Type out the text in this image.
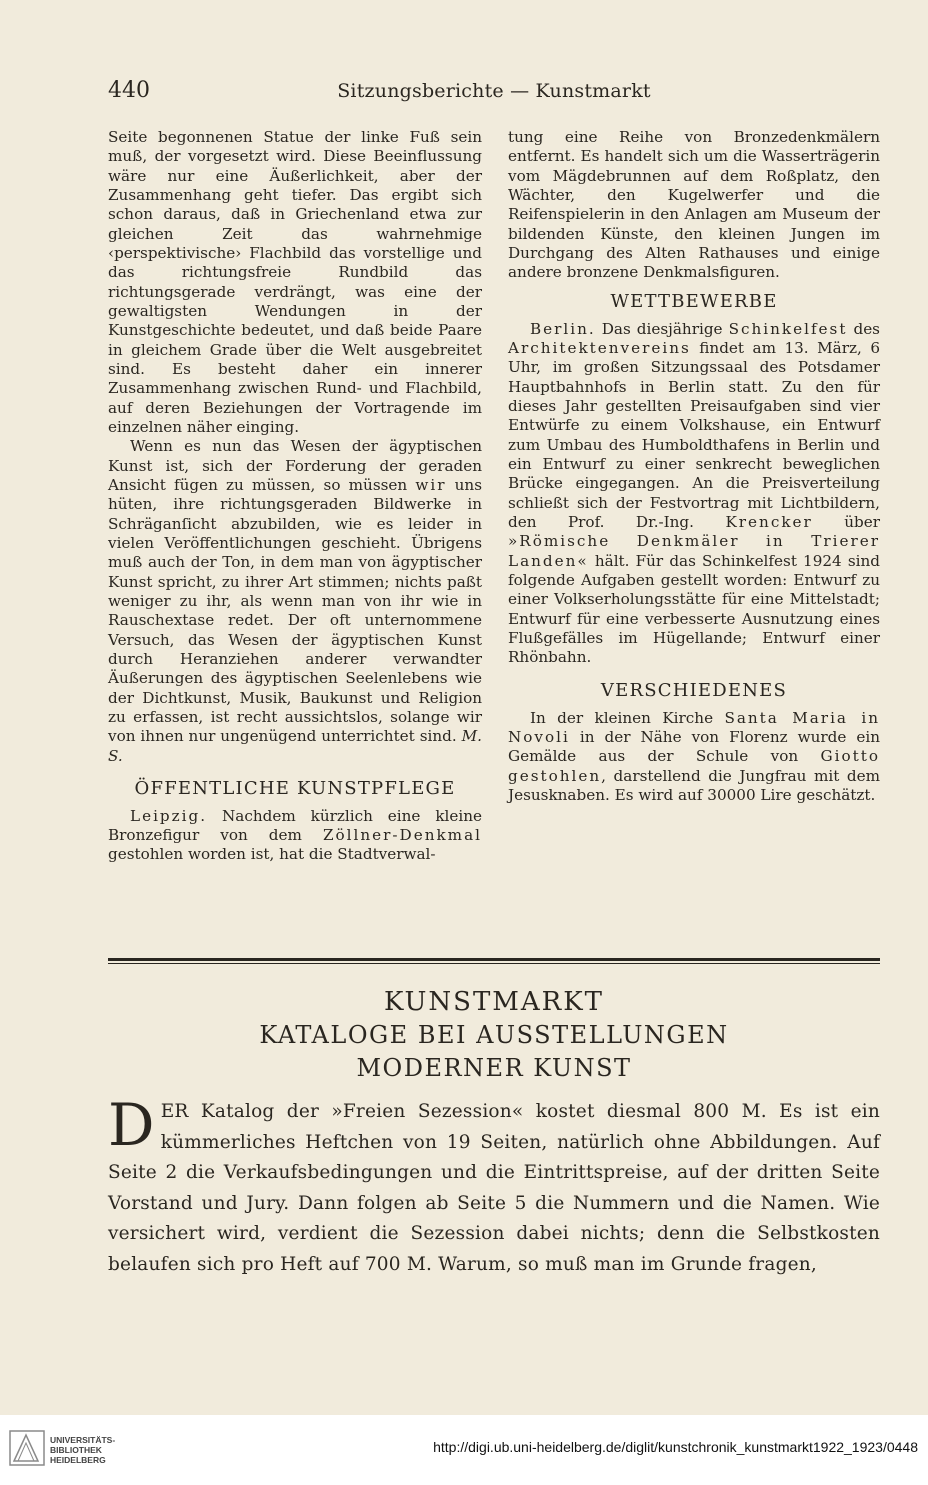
440	Sitzungsberichte — Kunstmarkt

Seite begonnenen Statue der linke Fuß sein muß, der vorgesetzt wird. Diese Beeinflussung wäre nur eine Äußerlichkeit, aber der Zusammenhang geht tiefer. Das ergibt sich schon daraus, daß in Griechenland etwa zur gleichen Zeit das wahrnehmige ‹perspektivische› Flachbild das vorstellige und das richtungsfreie Rundbild das richtungsgerade verdrängt, was eine der gewaltigsten Wendungen in der Kunstgeschichte bedeutet, und daß beide Paare in gleichem Grade über die Welt ausgebreitet sind. Es besteht daher ein innerer Zusammenhang zwischen Rund- und Flachbild, auf deren Beziehungen der Vortragende im einzelnen näher einging.

Wenn es nun das Wesen der ägyptischen Kunst ist, sich der Forderung der geraden Ansicht fügen zu müssen, so müssen wir uns hüten, ihre richtungsgeraden Bildwerke in Schräganſicht abzubilden, wie es leider in vielen Veröffentlichungen geschieht. Übrigens muß auch der Ton, in dem man von ägyptischer Kunst spricht, zu ihrer Art stimmen; nichts paßt weniger zu ihr, als wenn man von ihr wie in Rauschextase redet. Der oft unternommene Versuch, das Wesen der ägyptischen Kunst durch Heranziehen anderer verwandter Äußerungen des ägyptischen Seelenlebens wie der Dichtkunst, Musik, Baukunst und Religion zu erfassen, ist recht aussichtslos, solange wir von ihnen nur ungenügend unterrichtet sind. M. S.

ÖFFENTLICHE KUNSTPFLEGE

Leipzig. Nachdem kürzlich eine kleine Bronzefigur von dem Zöllner-Denkmal gestohlen worden ist, hat die Stadtverwal-

tung eine Reihe von Bronzedenkmälern entfernt. Es handelt sich um die Wasserträgerin vom Mägdebrunnen auf dem Roßplatz, den Wächter, den Kugelwerfer und die Reifenspielerin in den Anlagen am Museum der bildenden Künste, den kleinen Jungen im Durchgang des Alten Rathauses und einige andere bronzene Denkmalsfiguren.

WETTBEWERBE

Berlin. Das diesjährige Schinkelfest des Architektenvereins findet am 13. März, 6 Uhr, im großen Sitzungssaal des Potsdamer Hauptbahnhofs in Berlin statt. Zu den für dieses Jahr gestellten Preisaufgaben sind vier Entwürfe zu einem Volkshause, ein Entwurf zum Umbau des Humboldthafens in Berlin und ein Entwurf zu einer senkrecht beweglichen Brücke eingegangen. An die Preisverteilung schließt sich der Festvortrag mit Lichtbildern, den Prof. Dr.-Ing. Krencker über »Römische Denkmäler in Trierer Landen« hält. Für das Schinkelfest 1924 sind folgende Aufgaben gestellt worden: Entwurf zu einer Volkserholungsstätte für eine Mittelstadt; Entwurf für eine verbesserte Ausnutzung eines Flußgefälles im Hügellande; Entwurf einer Rhönbahn.

VERSCHIEDENES

In der kleinen Kirche Santa Maria in Novoli in der Nähe von Florenz wurde ein Gemälde aus der Schule von Giotto gestohlen, darstellend die Jungfrau mit dem Jesusknaben. Es wird auf 30000 Lire geschätzt.

KUNSTMARKT
KATALOGE BEI AUSSTELLUNGEN
MODERNER KUNST
DER Katalog der »Freien Sezession« kostet diesmal 800 M. Es ist ein kümmerliches Heftchen von 19 Seiten, natürlich ohne Abbildungen. Auf Seite 2 die Verkaufsbedingungen und die Eintrittspreise, auf der dritten Seite Vorstand und Jury. Dann folgen ab Seite 5 die Nummern und die Namen. Wie versichert wird, verdient die Sezession dabei nichts; denn die Selbstkosten belaufen sich pro Heft auf 700 M. Warum, so muß man im Grunde fragen,
UNIVERSITÄTS-
BIBLIOTHEK
HEIDELBERG
http://digi.ub.uni-heidelberg.de/diglit/kunstchronik_kunstmarkt1922_1923/0448
